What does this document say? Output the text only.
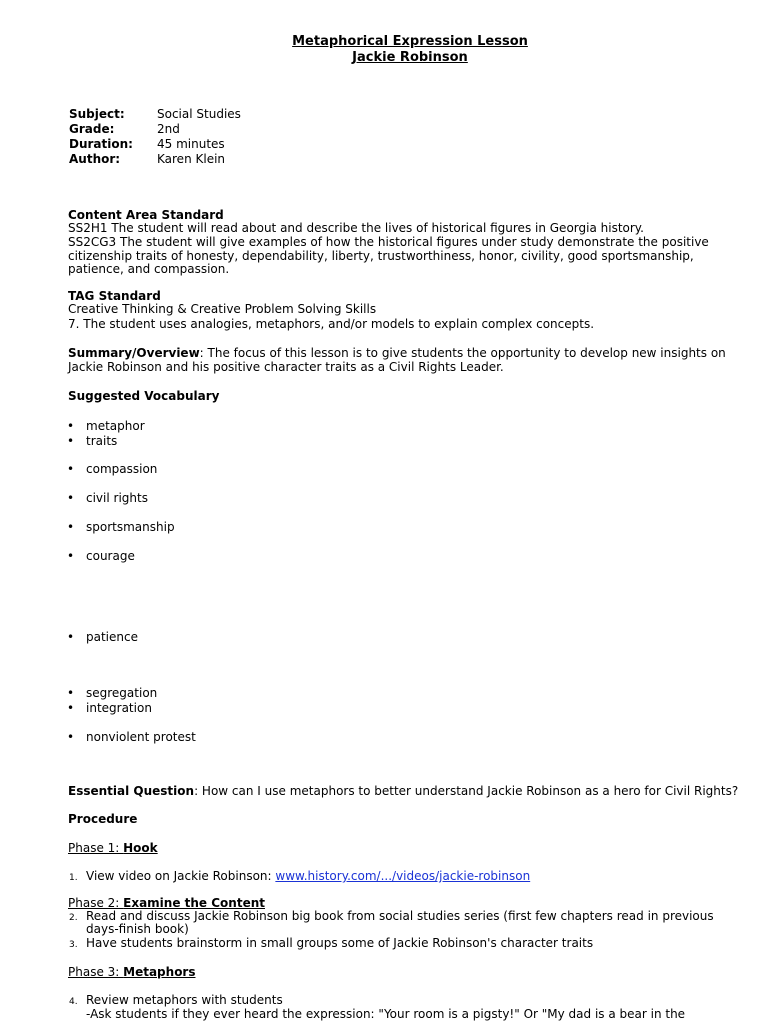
Metaphorical Expression Lesson
Jackie Robinson
Subject:	Social Studies
Grade:	2nd
Duration: 45 minutes
Author:	Karen Klein
Content Area Standard
SS2H1 The student will read about and describe the lives of historical figures in Georgia history.
SS2CG3 The student will give examples of how the historical figures under study demonstrate the positive
citizenship traits of honesty, dependability, liberty, trustworthiness, honor, civility, good sportsmanship,
patience, and compassion.
TAG Standard
Creative Thinking & Creative Problem Solving Skills
7. The student uses analogies, metaphors, and/or models to explain complex concepts.
Summary/Overview: The focus of this lesson is to give students the opportunity to develop new insights on
Jackie Robinson and his positive character traits as a Civil Rights Leader.
Suggested Vocabulary
• metaphor
• traits
• compassion
• civil rights
• sportsmanship
• courage
• patience
• segregation
• integration
• nonviolent protest
Essential Question: How can I use metaphors to better understand Jackie Robinson as a hero for Civil Rights?
Procedure
Phase 1: Hook
1. View video on Jackie Robinson: www.history.com/.../videos/jackie-robinson
Phase 2: Examine the Content
2. Read and discuss Jackie Robinson big book from social studies series (first few chapters read in previous
days-finish book)
3. Have students brainstorm in small groups some of Jackie Robinson's character traits
Phase 3: Metaphors
4. Review metaphors with students
-Ask students if they ever heard the expression: "Your room is a pigsty!" Or "My dad is a bear in the
